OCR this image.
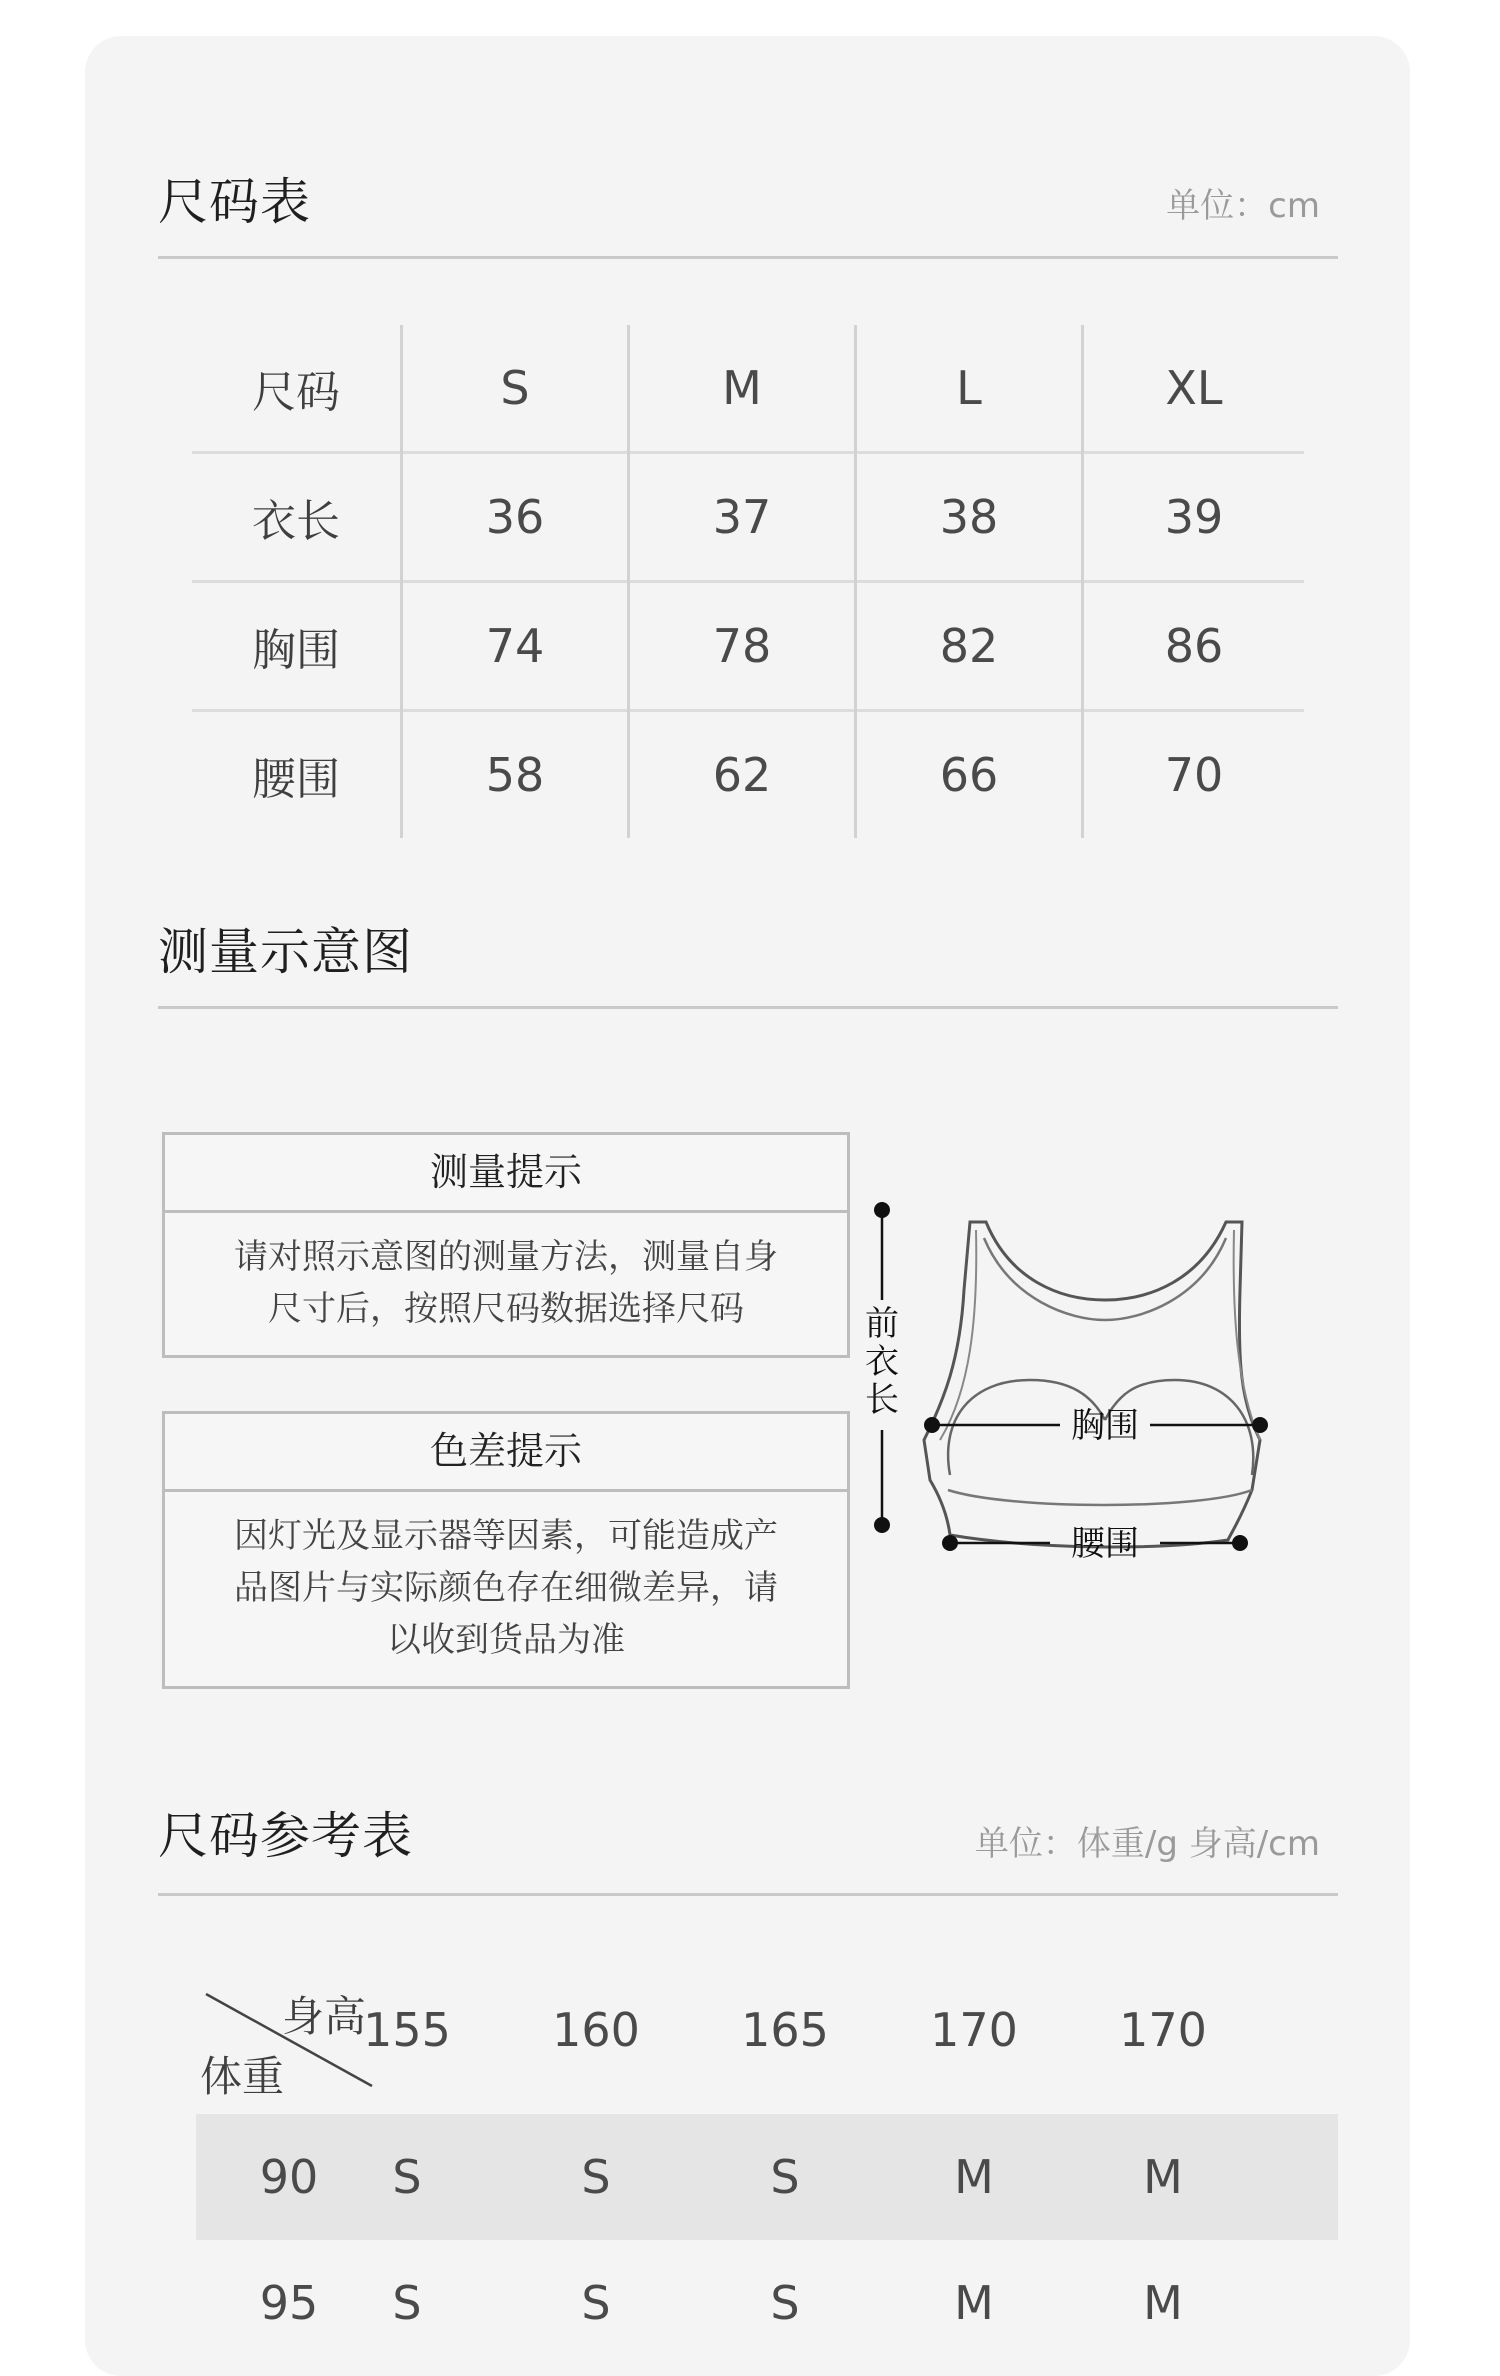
尺码表	单位：cm
尺码	S	M	L	XL
衣长	36	37	38	39
胸围	74	78	82	86
腰围	58	62	66	70
测量示意图
测量提示
请对照示意图的测量方法，测量自身
尺寸后，按照尺码数据选择尺码
色差提示
因灯光及显示器等因素，可能造成产
品图片与实际颜色存在细微差异，请
以收到货品为准
前
衣
长
胸围
腰围
尺码参考表	单位：体重/g 身高/cm
身高
体重
155	160	165	170	170
90	S	S	S	M	M
95	S	S	S	M	M
